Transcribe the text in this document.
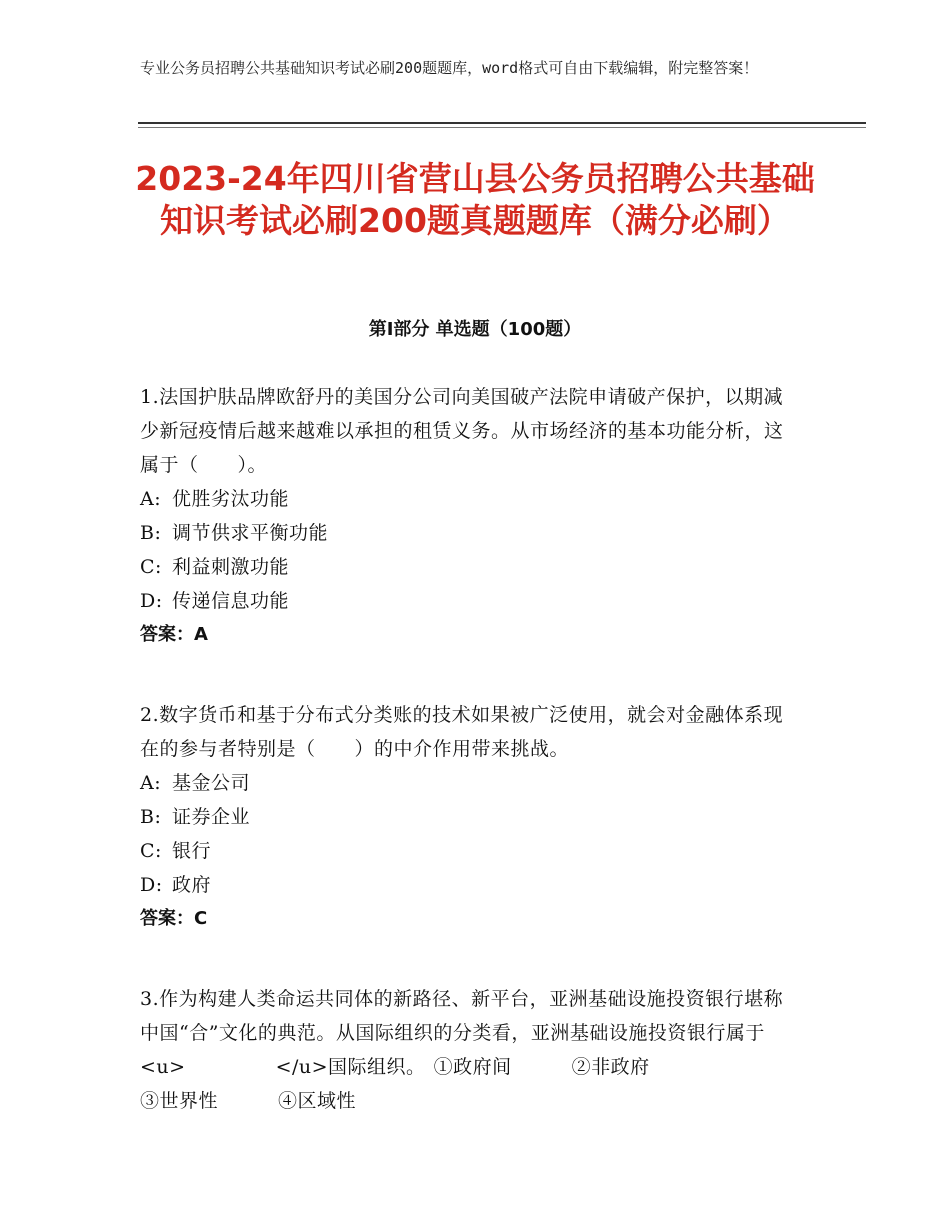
专业公务员招聘公共基础知识考试必刷200题题库，word格式可自由下载编辑，附完整答案！
2023-24年四川省营山县公务员招聘公共基础知识考试必刷200题真题题库（满分必刷）
第Ⅰ部分 单选题（100题）
1.法国护肤品牌欧舒丹的美国分公司向美国破产法院申请破产保护，以期减少新冠疫情后越来越难以承担的租赁义务。从市场经济的基本功能分析，这属于（　　）。
A: 优胜劣汰功能
B: 调节供求平衡功能
C: 利益刺激功能
D: 传递信息功能
答案：A
2.数字货币和基于分布式分类账的技术如果被广泛使用，就会对金融体系现在的参与者特别是（　　）的中介作用带来挑战。
A: 基金公司
B: 证券企业
C: 银行
D: 政府
答案：C
3.作为构建人类命运共同体的新路径、新平台，亚洲基础设施投资银行堪称中国“合”文化的典范。从国际组织的分类看，亚洲基础设施投资银行属于<u>	</u>国际组织。 ①政府间	②非政府
③世界性	④区域性
